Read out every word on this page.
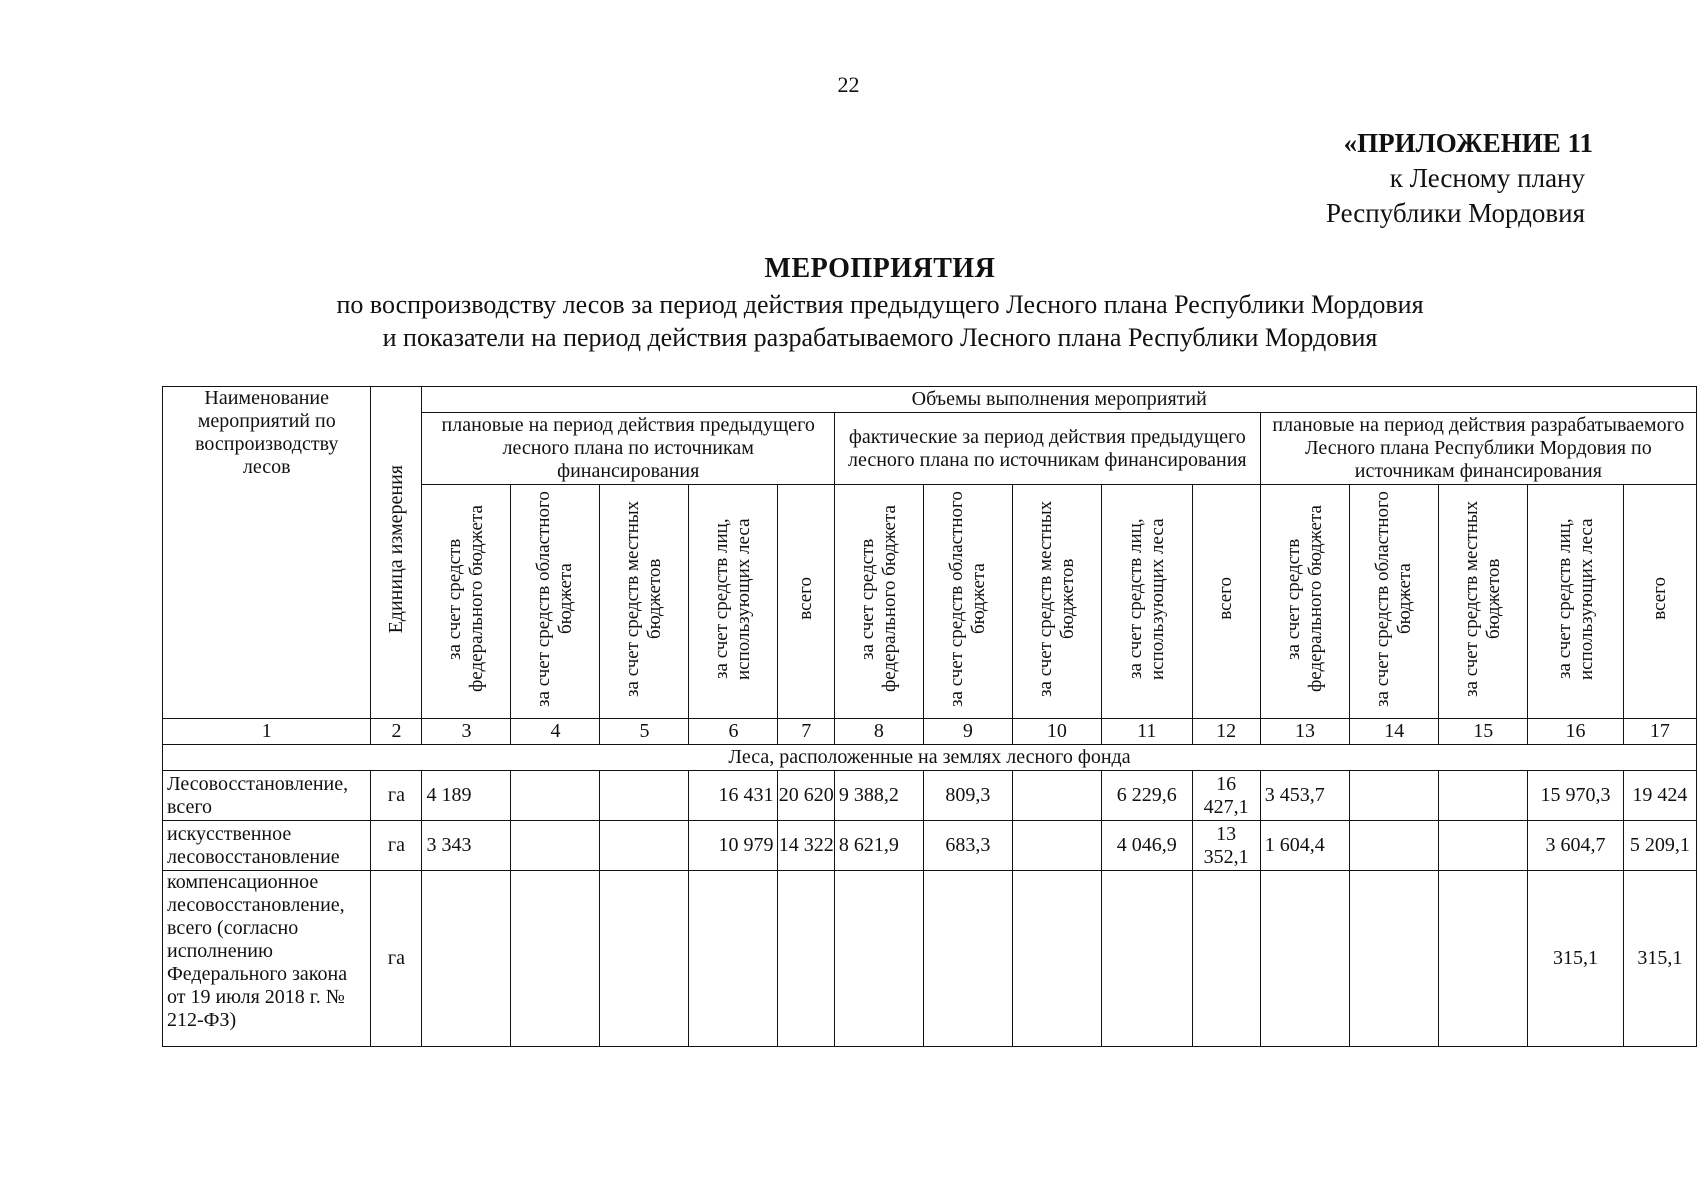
22
«ПРИЛОЖЕНИЕ 11
к Лесному плану
Республики Мордовия
МЕРОПРИЯТИЯ
по воспроизводству лесов за период действия предыдущего Лесного плана Республики Мордовия
и показатели на период действия разрабатываемого Лесного плана Республики Мордовия
Наименование мероприятий по воспроизводству лесов	Единица измерения	Объемы выполнения мероприятий														
		плановые на период действия предыдущего лесного плана по источникам финансирования					фактические за период действия предыдущего лесного плана по источникам финансирования					плановые на период действия разрабатываемого Лесного плана Республики Мордовия по источникам финансирования				
		за счет средств федерального бюджета	за счет средств областного бюджета	за счет средств местных бюджетов	за счет средств лиц, использующих леса	всего	за счет средств федерального бюджета	за счет средств областного бюджета	за счет средств местных бюджетов	за счет средств лиц, использующих леса	всего	за счет средств федерального бюджета	за счет средств областного бюджета	за счет средств местных бюджетов	за счет средств лиц, использующих леса	всего
1	2	3	4	5	6	7	8	9	10	11	12	13	14	15	16	17
Леса, расположенные на землях лесного фонда																
Лесовосстановление, всего	га	4 189			16 431	20 620	9 388,2	809,3		6 229,6	16 427,1	3 453,7			15 970,3	19 424
искусственное лесовосстановление	га	3 343			10 979	14 322	8 621,9	683,3		4 046,9	13 352,1	1 604,4			3 604,7	5 209,1
компенсационное лесовосстановление, всего (согласно исполнению Федерального закона от 19 июля 2018 г. № 212-ФЗ)	га														315,1	315,1
